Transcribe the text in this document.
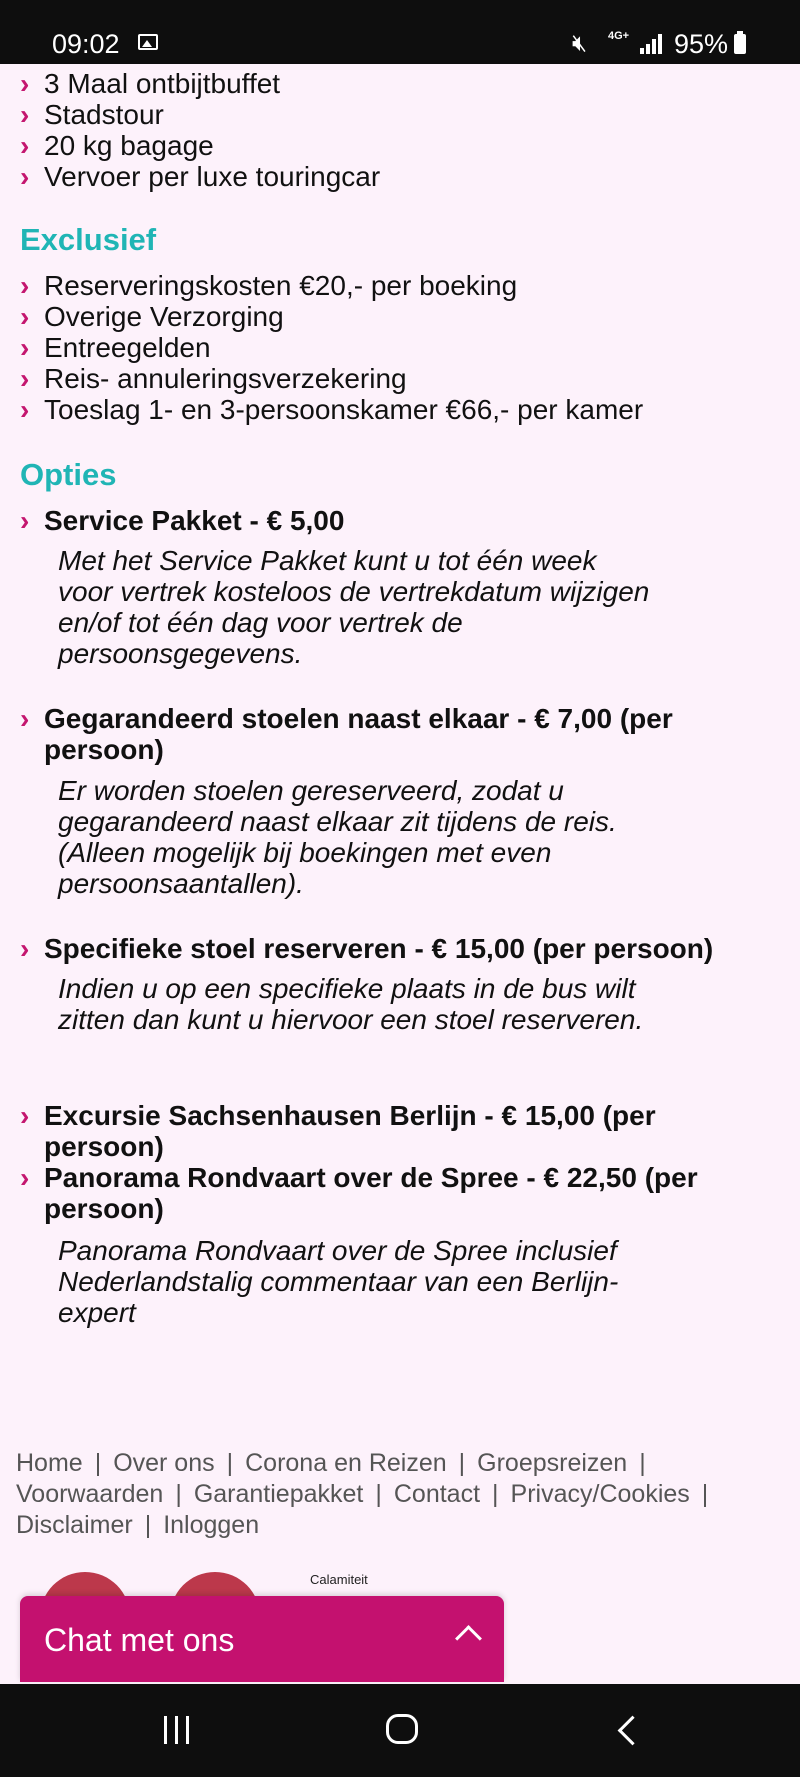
09:02	🔇︎ 4G+ 95%
› 3 Maal ontbijtbuffet
› Stadstour
› 20 kg bagage
› Vervoer per luxe touringcar
Exclusief
› Reserveringskosten €20,- per boeking
› Overige Verzorging
› Entreegelden
› Reis- annuleringsverzekering
› Toeslag 1- en 3-persoonskamer €66,- per kamer
Opties
› Service Pakket - € 5,00
Met het Service Pakket kunt u tot één week voor vertrek kosteloos de vertrekdatum wijzigen en/of tot één dag voor vertrek de persoonsgegevens.
› Gegarandeerd stoelen naast elkaar - € 7,00 (per persoon)
Er worden stoelen gereserveerd, zodat u gegarandeerd naast elkaar zit tijdens de reis. (Alleen mogelijk bij boekingen met even persoonsaantallen).
› Specifieke stoel reserveren - € 15,00 (per persoon)
Indien u op een specifieke plaats in de bus wilt zitten dan kunt u hiervoor een stoel reserveren.
› Excursie Sachsenhausen Berlijn - € 15,00 (per persoon)
› Panorama Rondvaart over de Spree - € 22,50 (per persoon)
Panorama Rondvaart over de Spree inclusief Nederlandstalig commentaar van een Berlijn-expert
Home | Over ons | Corona en Reizen | Groepsreizen | Voorwaarden | Garantiepakket | Contact | Privacy/Cookies | Disclaimer | Inloggen
Calamiteit
Chat met ons
